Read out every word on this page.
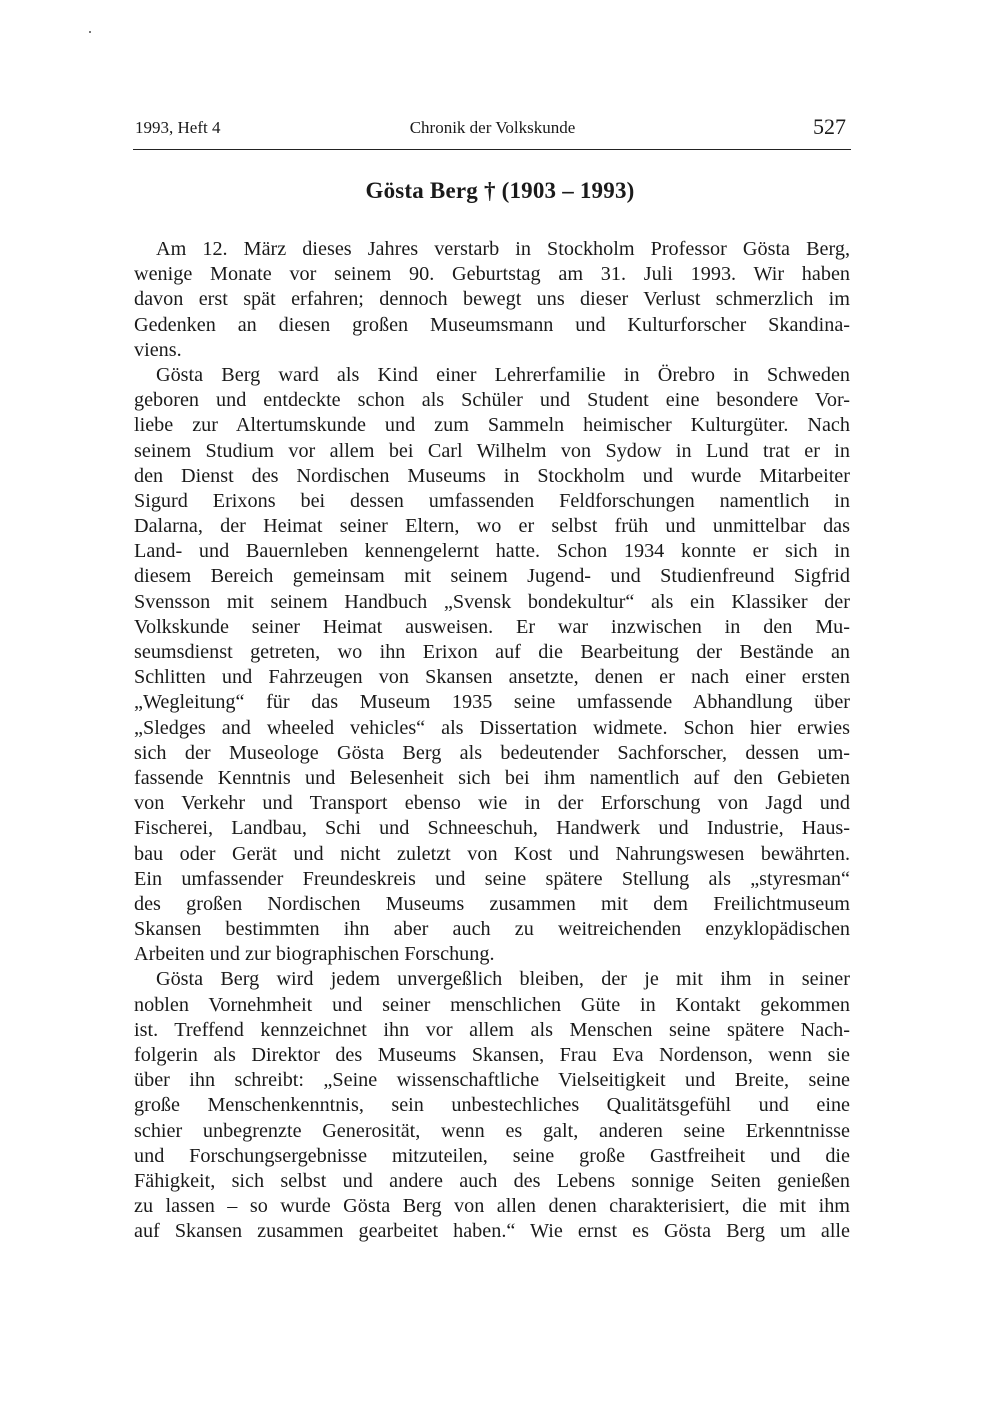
1993, Heft 4	Chronik der Volkskunde	527
Gösta Berg † (1903 – 1993)
Am 12. März dieses Jahres verstarb in Stockholm Professor Gösta Berg,
wenige Monate vor seinem 90. Geburtstag am 31. Juli 1993. Wir haben
davon erst spät erfahren; dennoch bewegt uns dieser Verlust schmerzlich im
Gedenken an diesen großen Museumsmann und Kulturforscher Skandina-
viens.
Gösta Berg ward als Kind einer Lehrerfamilie in Örebro in Schweden
geboren und entdeckte schon als Schüler und Student eine besondere Vor-
liebe zur Altertumskunde und zum Sammeln heimischer Kulturgüter. Nach
seinem Studium vor allem bei Carl Wilhelm von Sydow in Lund trat er in
den Dienst des Nordischen Museums in Stockholm und wurde Mitarbeiter
Sigurd Erixons bei dessen umfassenden Feldforschungen namentlich in
Dalarna, der Heimat seiner Eltern, wo er selbst früh und unmittelbar das
Land- und Bauernleben kennengelernt hatte. Schon 1934 konnte er sich in
diesem Bereich gemeinsam mit seinem Jugend- und Studienfreund Sigfrid
Svensson mit seinem Handbuch „Svensk bondekultur“ als ein Klassiker der
Volkskunde seiner Heimat ausweisen. Er war inzwischen in den Mu-
seumsdienst getreten, wo ihn Erixon auf die Bearbeitung der Bestände an
Schlitten und Fahrzeugen von Skansen ansetzte, denen er nach einer ersten
„Wegleitung“ für das Museum 1935 seine umfassende Abhandlung über
„Sledges and wheeled vehicles“ als Dissertation widmete. Schon hier erwies
sich der Museologe Gösta Berg als bedeutender Sachforscher, dessen um-
fassende Kenntnis und Belesenheit sich bei ihm namentlich auf den Gebieten
von Verkehr und Transport ebenso wie in der Erforschung von Jagd und
Fischerei, Landbau, Schi und Schneeschuh, Handwerk und Industrie, Haus-
bau oder Gerät und nicht zuletzt von Kost und Nahrungswesen bewährten.
Ein umfassender Freundeskreis und seine spätere Stellung als „styresman“
des großen Nordischen Museums zusammen mit dem Freilichtmuseum
Skansen bestimmten ihn aber auch zu weitreichenden enzyklopädischen
Arbeiten und zur biographischen Forschung.
Gösta Berg wird jedem unvergeßlich bleiben, der je mit ihm in seiner
noblen Vornehmheit und seiner menschlichen Güte in Kontakt gekommen
ist. Treffend kennzeichnet ihn vor allem als Menschen seine spätere Nach-
folgerin als Direktor des Museums Skansen, Frau Eva Nordenson, wenn sie
über ihn schreibt: „Seine wissenschaftliche Vielseitigkeit und Breite, seine
große Menschenkenntnis, sein unbestechliches Qualitätsgefühl und eine
schier unbegrenzte Generosität, wenn es galt, anderen seine Erkenntnisse
und Forschungsergebnisse mitzuteilen, seine große Gastfreiheit und die
Fähigkeit, sich selbst und andere auch des Lebens sonnige Seiten genießen
zu lassen – so wurde Gösta Berg von allen denen charakterisiert, die mit ihm
auf Skansen zusammen gearbeitet haben.“ Wie ernst es Gösta Berg um alle
